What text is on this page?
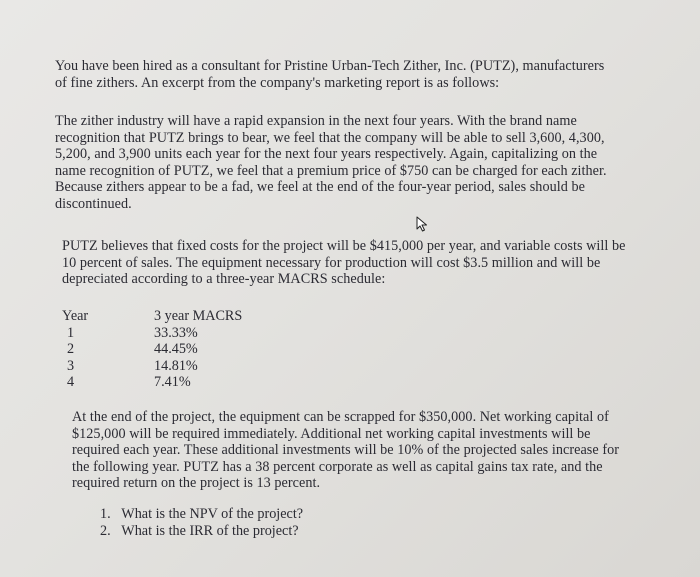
You have been hired as a consultant for Pristine Urban-Tech Zither, Inc. (PUTZ), manufacturers
of fine zithers. An excerpt from the company's marketing report is as follows:

The zither industry will have a rapid expansion in the next four years. With the brand name
recognition that PUTZ brings to bear, we feel that the company will be able to sell 3,600, 4,300,
5,200, and 3,900 units each year for the next four years respectively. Again, capitalizing on the
name recognition of PUTZ, we feel that a premium price of $750 can be charged for each zither.
Because zithers appear to be a fad, we feel at the end of the four-year period, sales should be
discontinued.

PUTZ believes that fixed costs for the project will be $415,000 per year, and variable costs will be
10 percent of sales. The equipment necessary for production will cost $3.5 million and will be
depreciated according to a three-year MACRS schedule:

Year
1
2
3
4
3 year MACRS
33.33%
44.45%
14.81%
7.41%

At the end of the project, the equipment can be scrapped for $350,000. Net working capital of
$125,000 will be required immediately. Additional net working capital investments will be
required each year. These additional investments will be 10% of the projected sales increase for
the following year. PUTZ has a 38 percent corporate as well as capital gains tax rate, and the
required return on the project is 13 percent.

1. What is the NPV of the project?
2. What is the IRR of the project?
